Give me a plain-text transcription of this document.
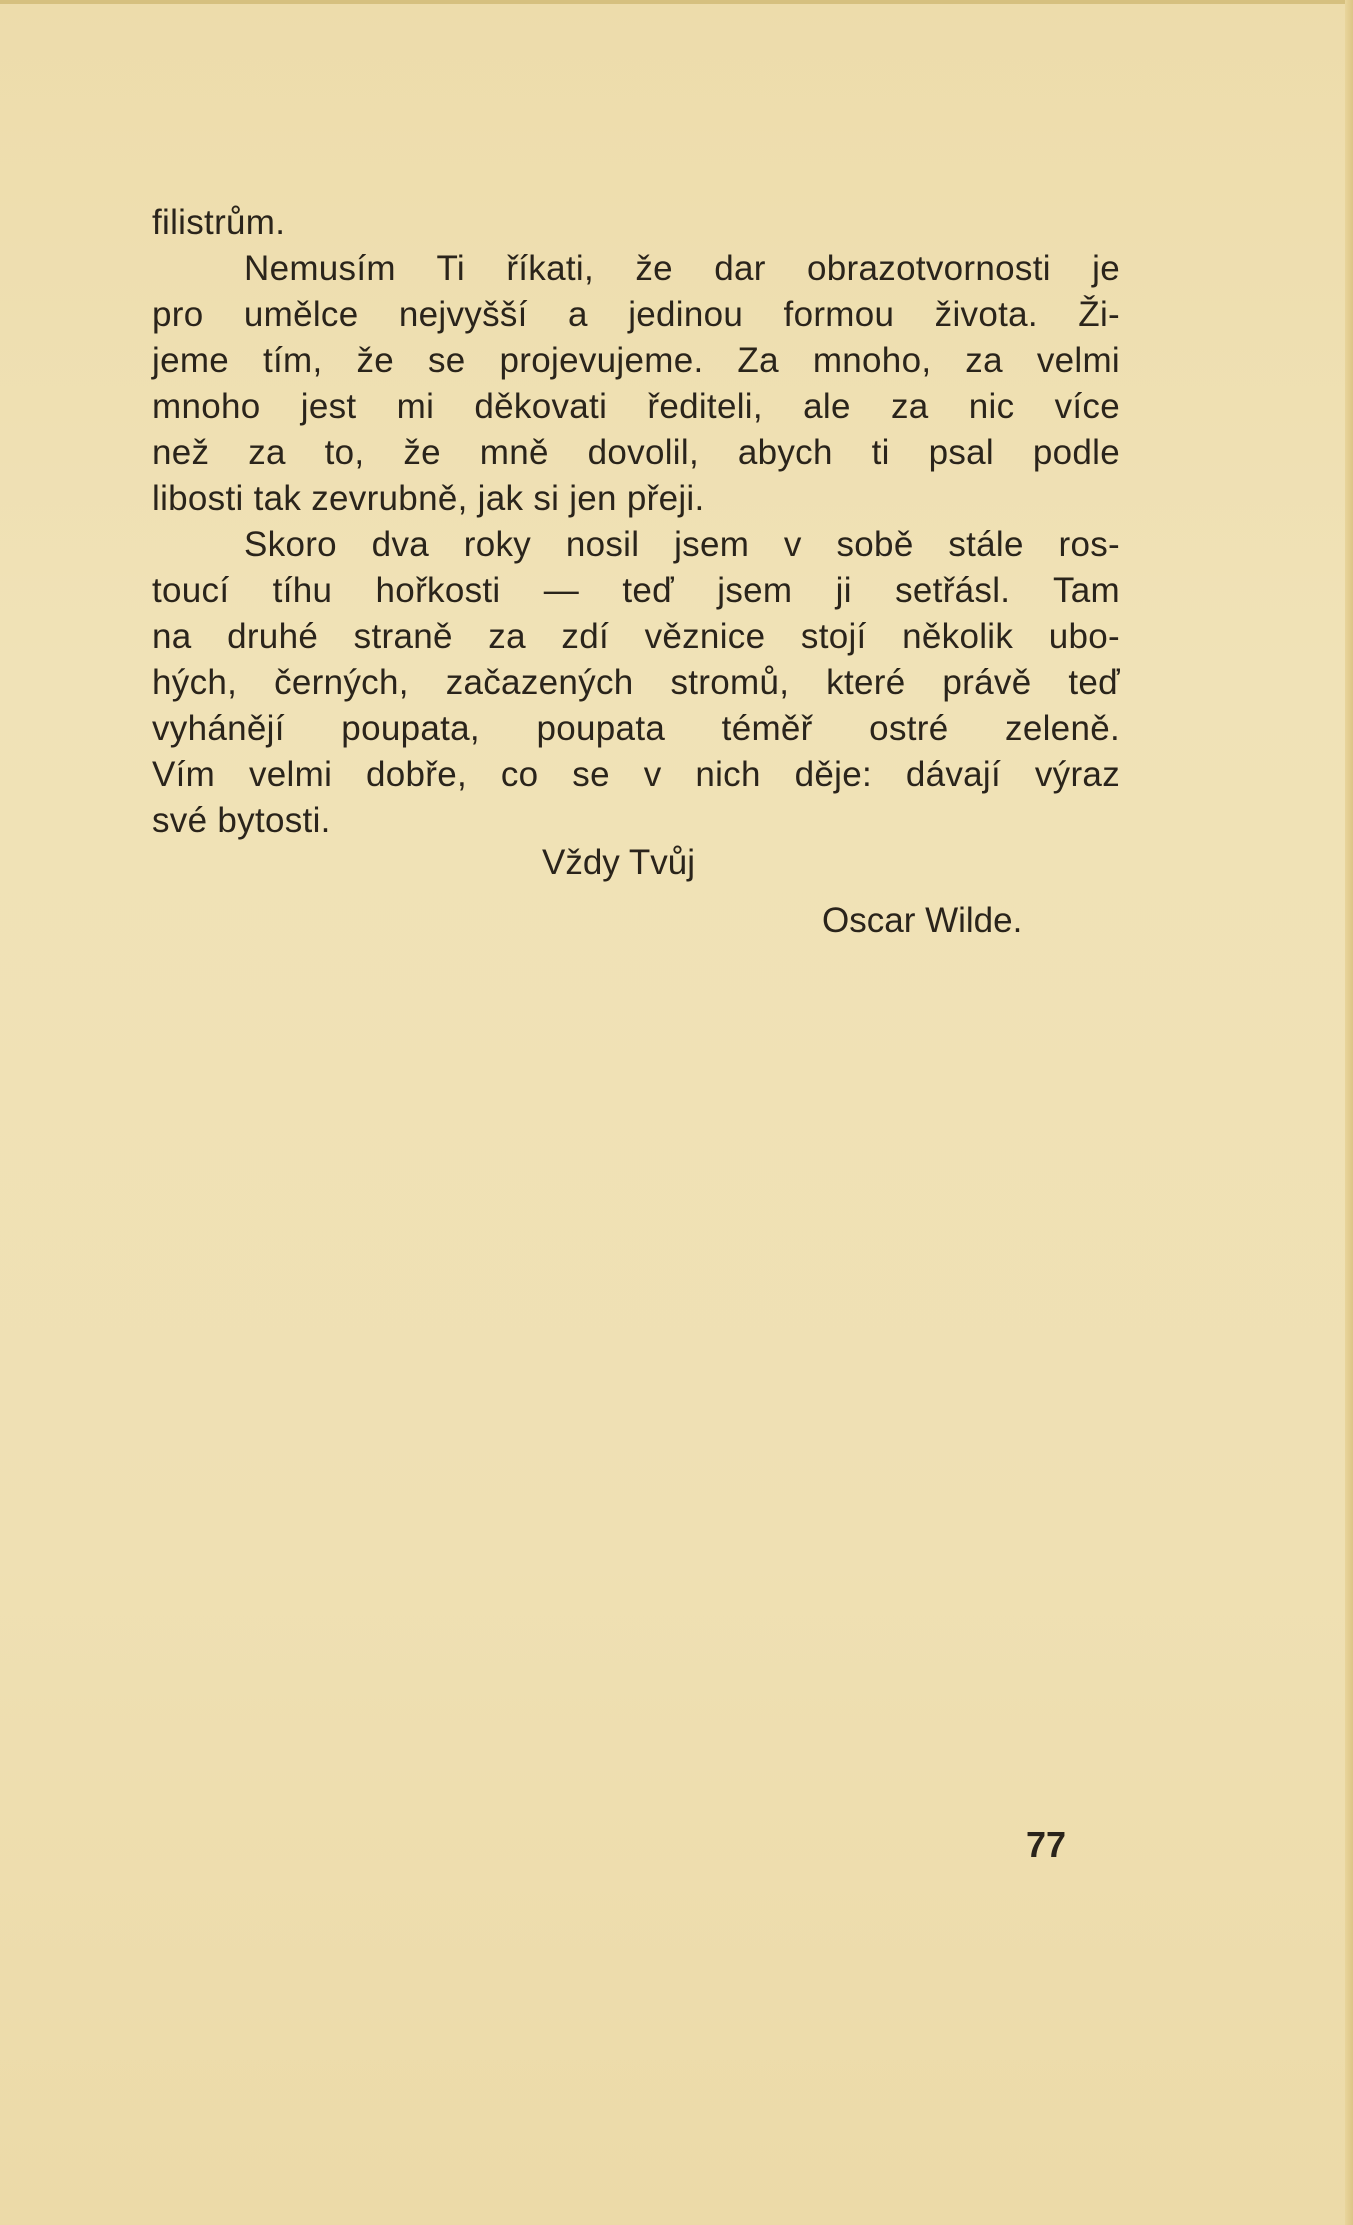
filistrům.
Nemusím Ti říkati, že dar obrazotvornosti je
pro umělce nejvyšší a jedinou formou života. Ži-
jeme tím, že se projevujeme. Za mnoho, za velmi
mnoho jest mi děkovati řediteli, ale za nic více
než za to, že mně dovolil, abych ti psal podle
libosti tak zevrubně, jak si jen přeji.
Skoro dva roky nosil jsem v sobě stále ros-
toucí tíhu hořkosti — teď jsem ji setřásl. Tam
na druhé straně za zdí věznice stojí několik ubo-
hých, černých, začazených stromů, které právě teď
vyhánějí poupata, poupata téměř ostré zeleně.
Vím velmi dobře, co se v nich děje: dávají výraz
své bytosti.
Vždy Tvůj
Oscar Wilde.
77
